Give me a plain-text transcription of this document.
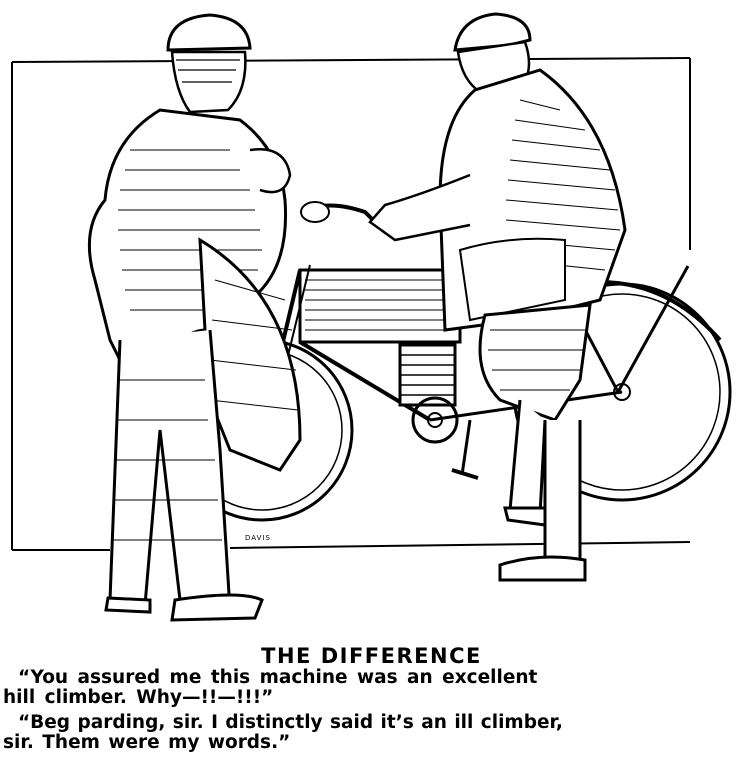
DAVIS
THE DIFFERENCE
“You assured me this machine was an excellent
hill climber. Why—!!—!!!”
“Beg parding, sir. I distinctly said it’s an ill climber,
sir. Them were my words.”
